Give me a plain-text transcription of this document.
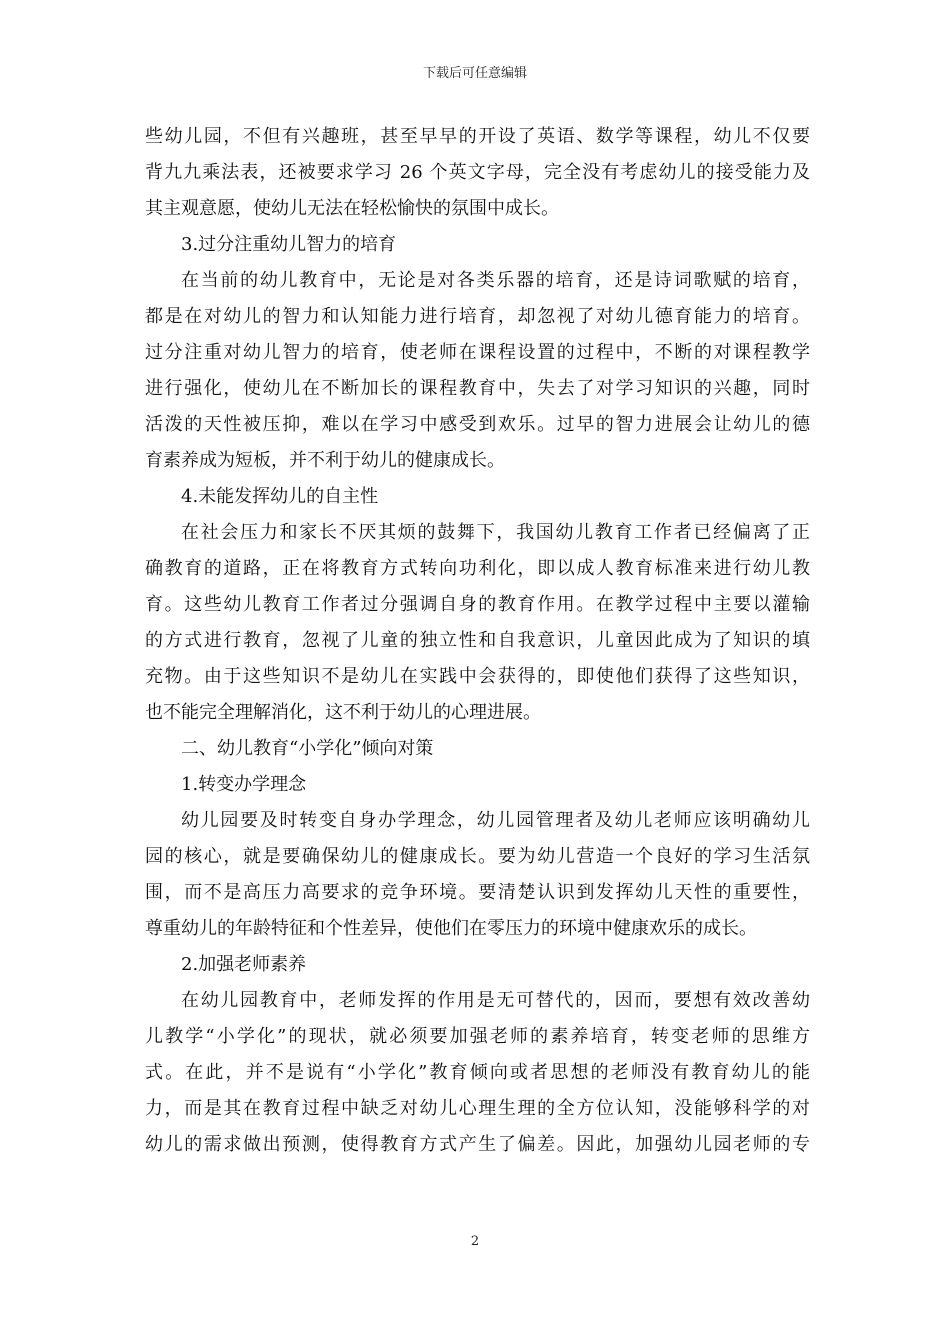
下载后可任意编辑
些幼儿园，不但有兴趣班，甚至早早的开设了英语、数学等课程，幼儿不仅要
背九九乘法表，还被要求学习 26 个英文字母，完全没有考虑幼儿的接受能力及
其主观意愿，使幼儿无法在轻松愉快的氛围中成长。
3.过分注重幼儿智力的培育
在当前的幼儿教育中，无论是对各类乐器的培育，还是诗词歌赋的培育，
都是在对幼儿的智力和认知能力进行培育，却忽视了对幼儿德育能力的培育。
过分注重对幼儿智力的培育，使老师在课程设置的过程中，不断的对课程教学
进行强化，使幼儿在不断加长的课程教育中，失去了对学习知识的兴趣，同时
活泼的天性被压抑，难以在学习中感受到欢乐。过早的智力进展会让幼儿的德
育素养成为短板，并不利于幼儿的健康成长。
4.未能发挥幼儿的自主性
在社会压力和家长不厌其烦的鼓舞下，我国幼儿教育工作者已经偏离了正
确教育的道路，正在将教育方式转向功利化，即以成人教育标准来进行幼儿教
育。这些幼儿教育工作者过分强调自身的教育作用。在教学过程中主要以灌输
的方式进行教育，忽视了儿童的独立性和自我意识，儿童因此成为了知识的填
充物。由于这些知识不是幼儿在实践中会获得的，即使他们获得了这些知识，
也不能完全理解消化，这不利于幼儿的心理进展。
二、幼儿教育“小学化”倾向对策
1.转变办学理念
幼儿园要及时转变自身办学理念，幼儿园管理者及幼儿老师应该明确幼儿
园的核心，就是要确保幼儿的健康成长。要为幼儿营造一个良好的学习生活氛
围，而不是高压力高要求的竞争环境。要清楚认识到发挥幼儿天性的重要性，
尊重幼儿的年龄特征和个性差异，使他们在零压力的环境中健康欢乐的成长。
2.加强老师素养
在幼儿园教育中，老师发挥的作用是无可替代的，因而，要想有效改善幼
儿教学“小学化”的现状，就必须要加强老师的素养培育，转变老师的思维方
式。在此，并不是说有“小学化”教育倾向或者思想的老师没有教育幼儿的能
力，而是其在教育过程中缺乏对幼儿心理生理的全方位认知，没能够科学的对
幼儿的需求做出预测，使得教育方式产生了偏差。因此，加强幼儿园老师的专
2
